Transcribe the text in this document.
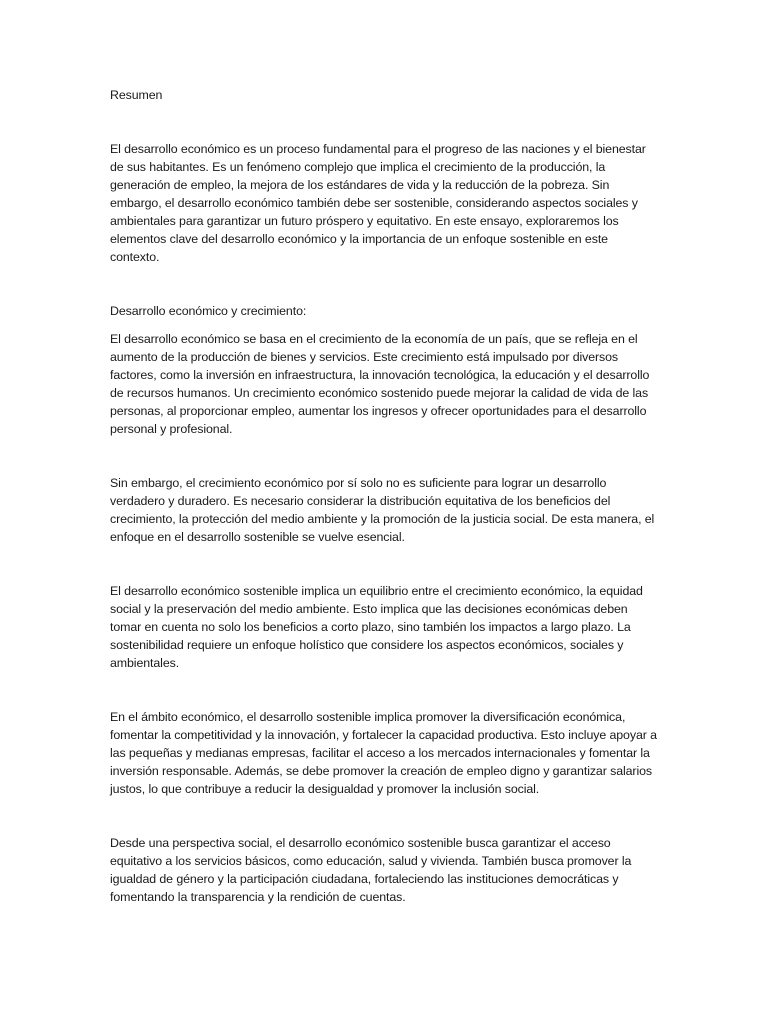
Resumen

El desarrollo económico es un proceso fundamental para el progreso de las naciones y el bienestar de sus habitantes. Es un fenómeno complejo que implica el crecimiento de la producción, la generación de empleo, la mejora de los estándares de vida y la reducción de la pobreza. Sin embargo, el desarrollo económico también debe ser sostenible, considerando aspectos sociales y ambientales para garantizar un futuro próspero y equitativo. En este ensayo, exploraremos los elementos clave del desarrollo económico y la importancia de un enfoque sostenible en este contexto.

Desarrollo económico y crecimiento:

El desarrollo económico se basa en el crecimiento de la economía de un país, que se refleja en el aumento de la producción de bienes y servicios. Este crecimiento está impulsado por diversos factores, como la inversión en infraestructura, la innovación tecnológica, la educación y el desarrollo de recursos humanos. Un crecimiento económico sostenido puede mejorar la calidad de vida de las personas, al proporcionar empleo, aumentar los ingresos y ofrecer oportunidades para el desarrollo personal y profesional.

Sin embargo, el crecimiento económico por sí solo no es suficiente para lograr un desarrollo verdadero y duradero. Es necesario considerar la distribución equitativa de los beneficios del crecimiento, la protección del medio ambiente y la promoción de la justicia social. De esta manera, el enfoque en el desarrollo sostenible se vuelve esencial.

El desarrollo económico sostenible implica un equilibrio entre el crecimiento económico, la equidad social y la preservación del medio ambiente. Esto implica que las decisiones económicas deben tomar en cuenta no solo los beneficios a corto plazo, sino también los impactos a largo plazo. La sostenibilidad requiere un enfoque holístico que considere los aspectos económicos, sociales y ambientales.

En el ámbito económico, el desarrollo sostenible implica promover la diversificación económica, fomentar la competitividad y la innovación, y fortalecer la capacidad productiva. Esto incluye apoyar a las pequeñas y medianas empresas, facilitar el acceso a los mercados internacionales y fomentar la inversión responsable. Además, se debe promover la creación de empleo digno y garantizar salarios justos, lo que contribuye a reducir la desigualdad y promover la inclusión social.

Desde una perspectiva social, el desarrollo económico sostenible busca garantizar el acceso equitativo a los servicios básicos, como educación, salud y vivienda. También busca promover la igualdad de género y la participación ciudadana, fortaleciendo las instituciones democráticas y fomentando la transparencia y la rendición de cuentas.
